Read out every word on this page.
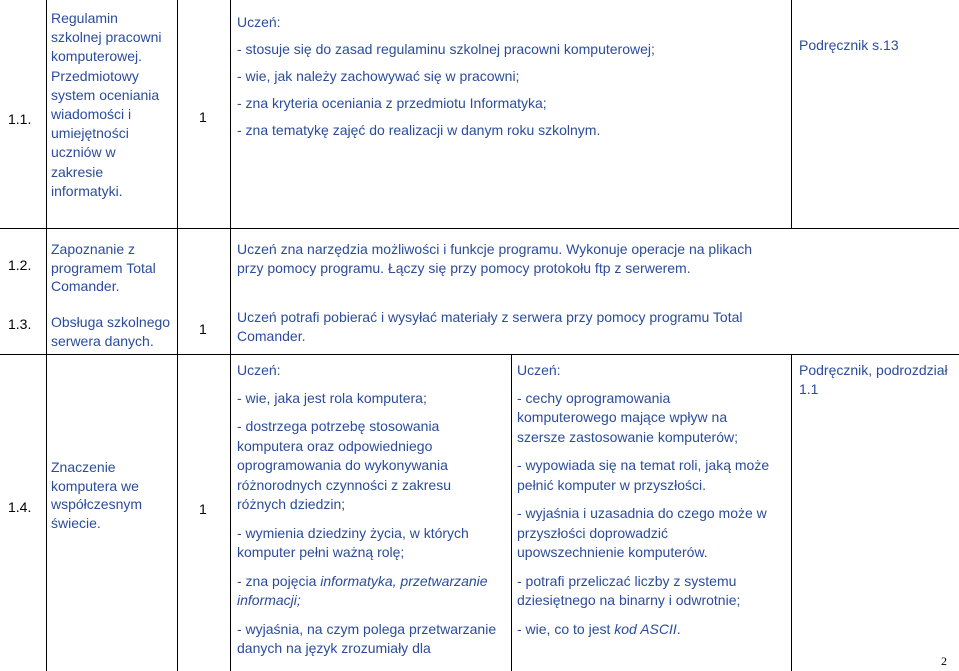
1.1.

Regulamin

szkolnej pracowni

komputerowej.

Przedmiotowy

system oceniania

wiadomości i

umiejętności

uczniów w

zakresie

informatyki.

1

Uczeń:

- stosuje się do zasad regulaminu szkolnej pracowni komputerowej;

- wie, jak należy zachowywać się w pracowni;

- zna kryteria oceniania z przedmiotu Informatyka;

- zna tematykę zajęć do realizacji w danym roku szkolnym.

Podręcznik s.13
1.2.

Zapoznanie z

programem Total

Comander.

Uczeń zna narzędzia możliwości i funkcje programu. Wykonuje operacje na plikach

przy pomocy programu. Łączy się przy pomocy protokołu ftp z serwerem.

1.3. Obsługa szkolnego

serwera danych.

1

Uczeń potrafi pobierać i wysyłać materiały z serwera przy pomocy programu Total

Comander.

1.4.

Znaczenie

komputera we

współczesnym

świecie.

1

Uczeń:

- wie, jaka jest rola komputera;

- dostrzega potrzebę stosowania

komputera oraz odpowiedniego

oprogramowania do wykonywania

różnorodnych czynności z zakresu

różnych dziedzin;

- wymienia dziedziny życia, w których

komputer pełni ważną rolę;

- zna pojęcia informatyka, przetwarzanie

informacji;

- wyjaśnia, na czym polega przetwarzanie

danych na język zrozumiały dla

Uczeń:

- cechy oprogramowania

komputerowego mające wpływ na

szersze zastosowanie komputerów;

- wypowiada się na temat roli, jaką może

pełnić komputer w przyszłości.

- wyjaśnia i uzasadnia do czego może w

przyszłości doprowadzić

upowszechnienie komputerów.

- potrafi przeliczać liczby z systemu

dziesiętnego na binarny i odwrotnie;

- wie, co to jest kod ASCII.

Podręcznik, podrozdział

1.1

2
